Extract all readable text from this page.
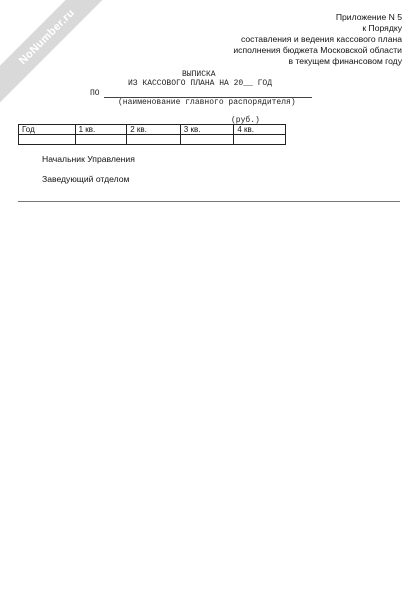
NoNumber.ru	Приложение N 5
к Порядку
составления и ведения кассового плана
исполнения бюджета Московской области
в текущем финансовом году
ВЫПИСКА
ИЗ КАССОВОГО ПЛАНА НА 20__ ГОД
ПО
(наименование главного распорядителя)
(руб.)
Год	1 кв.	2 кв.	3 кв.	4 кв.

Начальник Управления
Заведующий отделом
